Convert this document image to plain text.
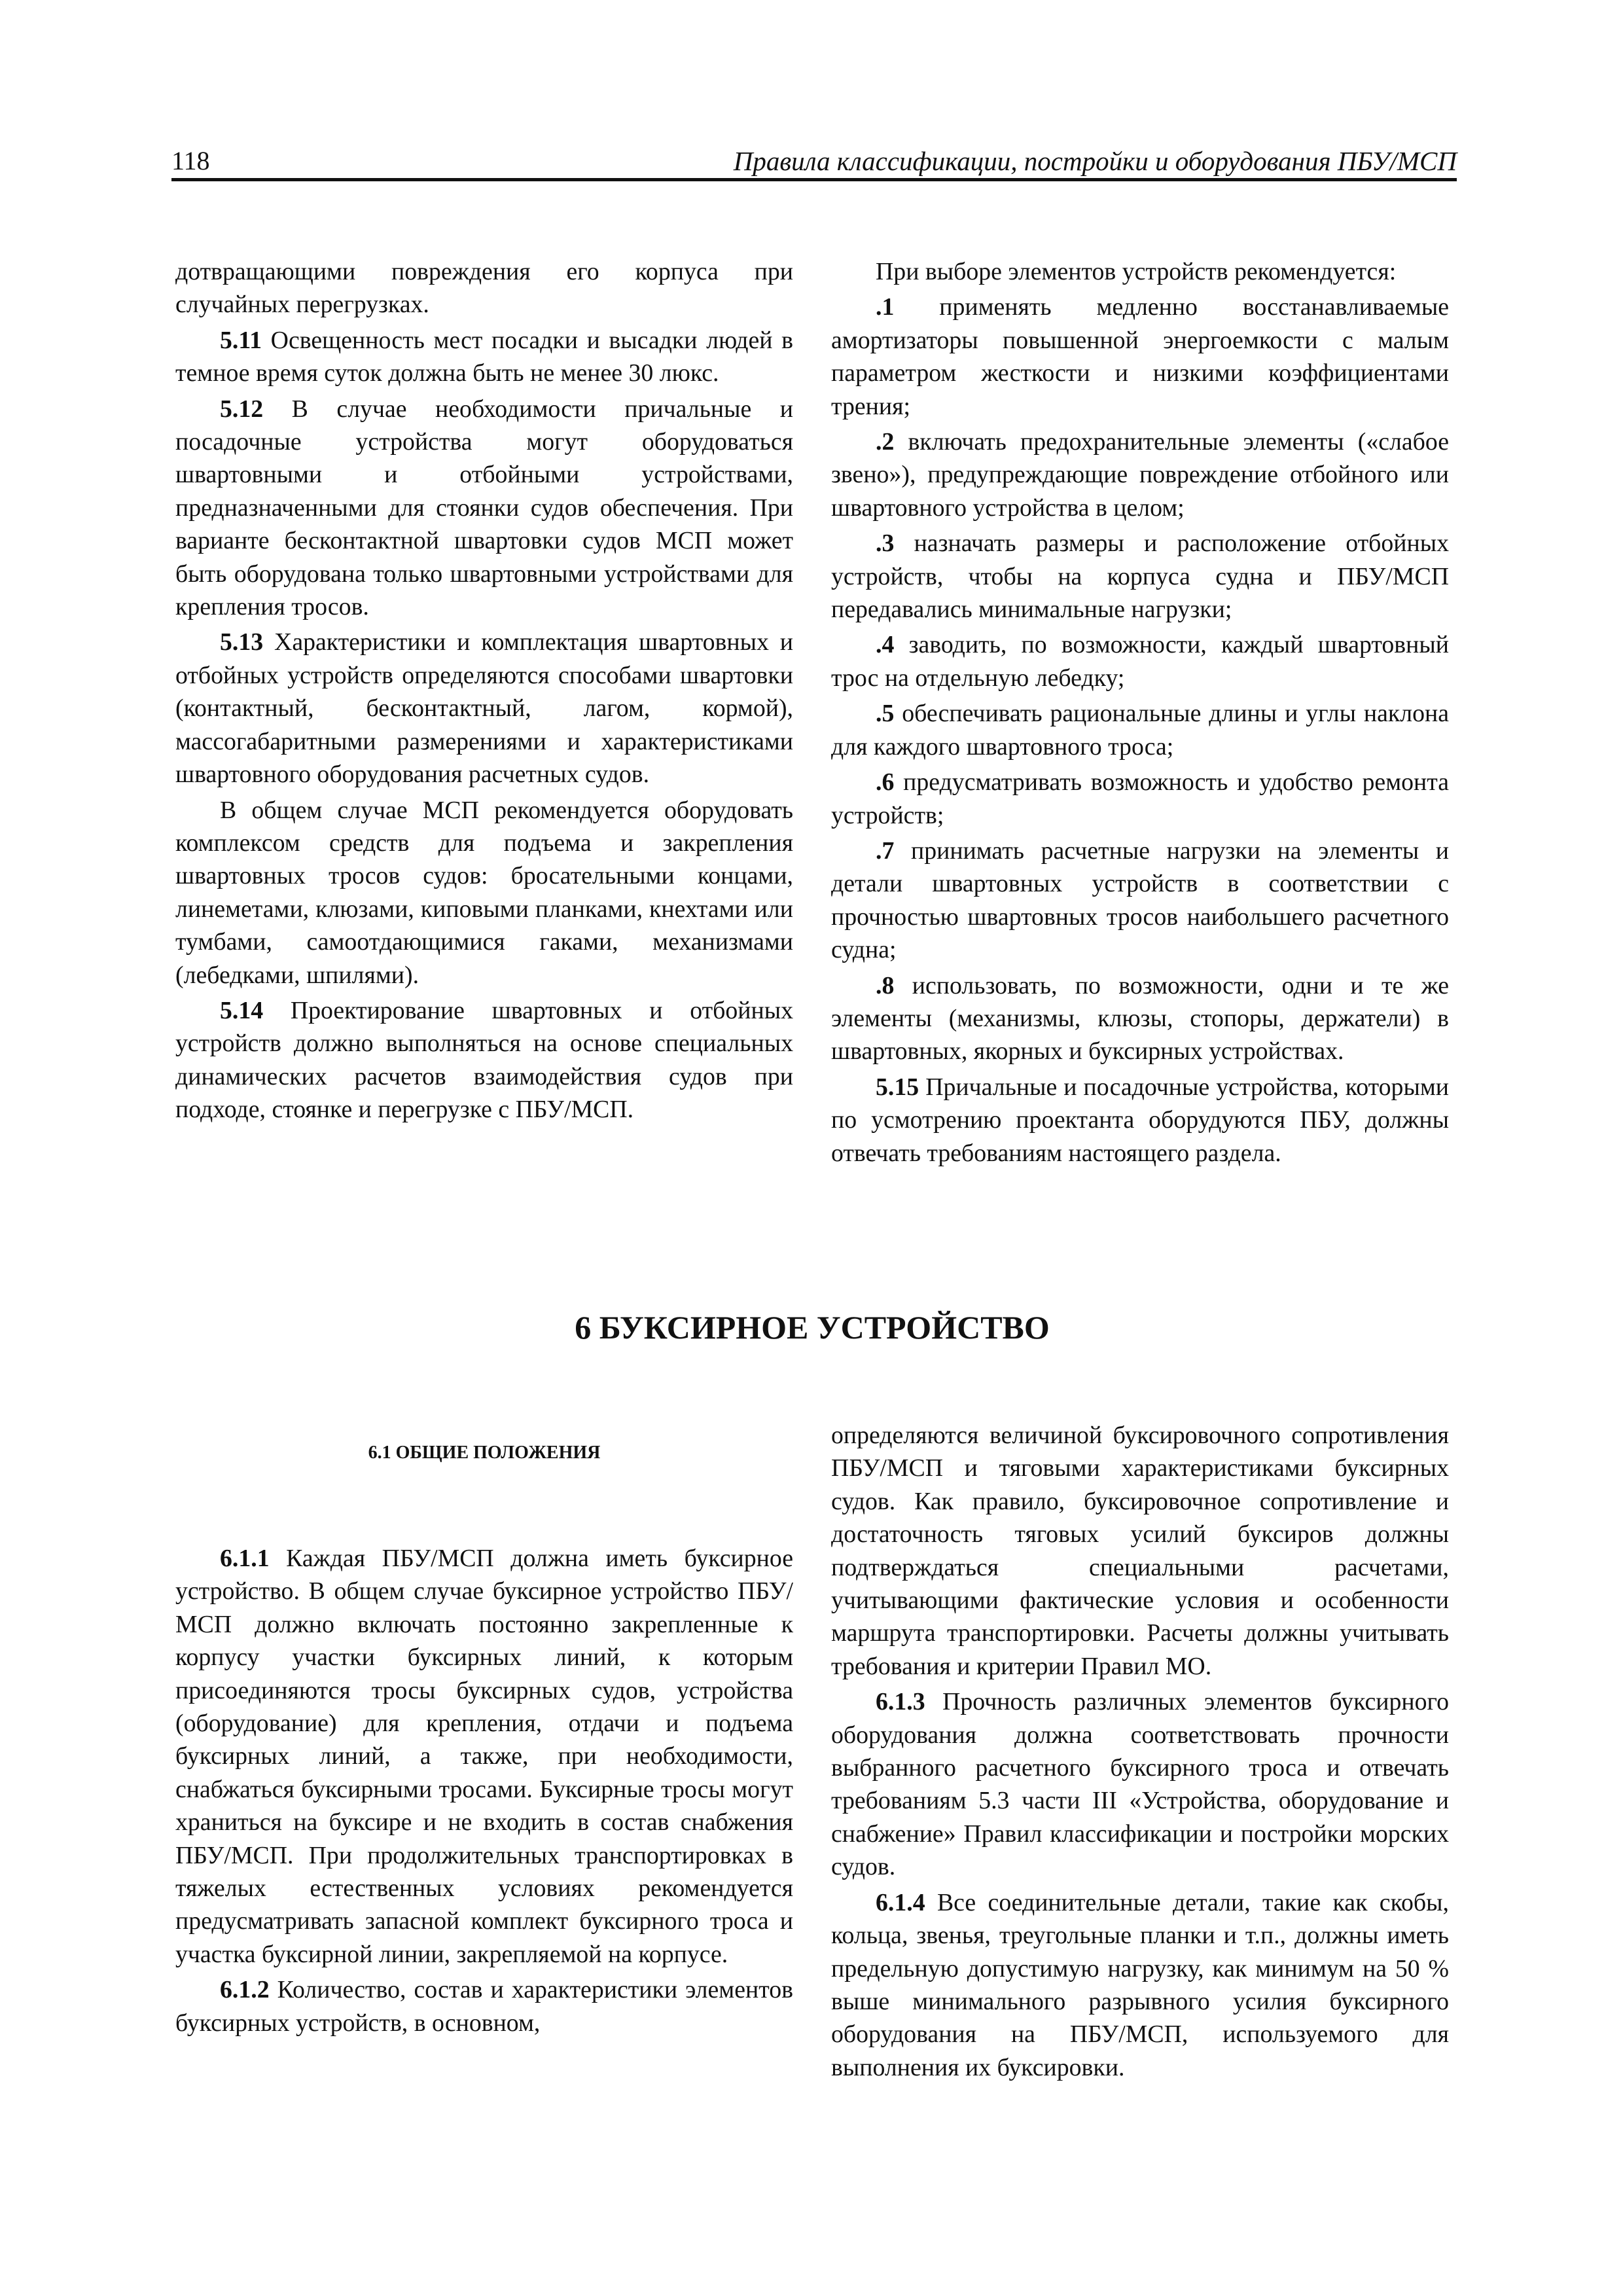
118	Правила классификации, постройки и оборудования ПБУ/МСП

дотвращающими повреждения его корпуса при случайных перегрузках.

5.11 Освещенность мест посадки и высадки людей в темное время суток должна быть не менее 30 люкс.

5.12 В случае необходимости причальные и посадочные устройства могут оборудоваться швартовными и отбойными устройствами, предназначенными для стоянки судов обеспечения. При варианте бесконтактной швартовки судов МСП может быть оборудована только швартовными устройствами для крепления тросов.

5.13 Характеристики и комплектация швартовных и отбойных устройств определяются способами швартовки (контактный, бесконтактный, лагом, кормой), массогабаритными размерениями и характеристиками швартовного оборудования расчетных судов.

В общем случае МСП рекомендуется оборудовать комплексом средств для подъема и закрепления швартовных тросов судов: бросательными концами, линеметами, клюзами, киповыми планками, кнехтами или тумбами, самоотдающимися гаками, механизмами (лебедками, шпилями).

5.14 Проектирование швартовных и отбойных устройств должно выполняться на основе специальных динамических расчетов взаимодействия судов при подходе, стоянке и перегрузке с ПБУ/МСП.

При выборе элементов устройств рекомендуется:

.1 применять медленно восстанавливаемые амортизаторы повышенной энергоемкости с малым параметром жесткости и низкими коэффициентами трения;

.2 включать предохранительные элементы («слабое звено»), предупреждающие повреждение отбойного или швартовного устройства в целом;

.3 назначать размеры и расположение отбойных устройств, чтобы на корпуса судна и ПБУ/МСП передавались минимальные нагрузки;

.4 заводить, по возможности, каждый швартовный трос на отдельную лебедку;

.5 обеспечивать рациональные длины и углы наклона для каждого швартовного троса;

.6 предусматривать возможность и удобство ремонта устройств;

.7 принимать расчетные нагрузки на элементы и детали швартовных устройств в соответствии с прочностью швартовных тросов наибольшего расчетного судна;

.8 использовать, по возможности, одни и те же элементы (механизмы, клюзы, стопоры, держатели) в швартовных, якорных и буксирных устройствах.

5.15 Причальные и посадочные устройства, которыми по усмотрению проектанта оборудуются ПБУ, должны отвечать требованиям настоящего раздела.

6 БУКСИРНОЕ УСТРОЙСТВО
6.1 ОБЩИЕ ПОЛОЖЕНИЯ

6.1.1 Каждая ПБУ/МСП должна иметь буксирное устройство. В общем случае буксирное устройство ПБУ/МСП должно включать постоянно закрепленные к корпусу участки буксирных линий, к которым присоединяются тросы буксирных судов, устройства (оборудование) для крепления, отдачи и подъема буксирных линий, а также, при необходимости, снабжаться буксирными тросами. Буксирные тросы могут храниться на буксире и не входить в состав снабжения ПБУ/МСП. При продолжительных транспортировках в тяжелых естественных условиях рекомендуется предусматривать запасной комплект буксирного троса и участка буксирной линии, закрепляемой на корпусе.

6.1.2 Количество, состав и характеристики элементов буксирных устройств, в основном,

определяются величиной буксировочного сопротивления ПБУ/МСП и тяговыми характеристиками буксирных судов. Как правило, буксировочное сопротивление и достаточность тяговых усилий буксиров должны подтверждаться специальными расчетами, учитывающими фактические условия и особенности маршрута транспортировки. Расчеты должны учитывать требования и критерии Правил МО.

6.1.3 Прочность различных элементов буксирного оборудования должна соответствовать прочности выбранного расчетного буксирного троса и отвечать требованиям 5.3 части III «Устройства, оборудование и снабжение» Правил классификации и постройки морских судов.

6.1.4 Все соединительные детали, такие как скобы, кольца, звенья, треугольные планки и т.п., должны иметь предельную допустимую нагрузку, как минимум на 50 % выше минимального разрывного усилия буксирного оборудования на ПБУ/МСП, используемого для выполнения их буксировки.
